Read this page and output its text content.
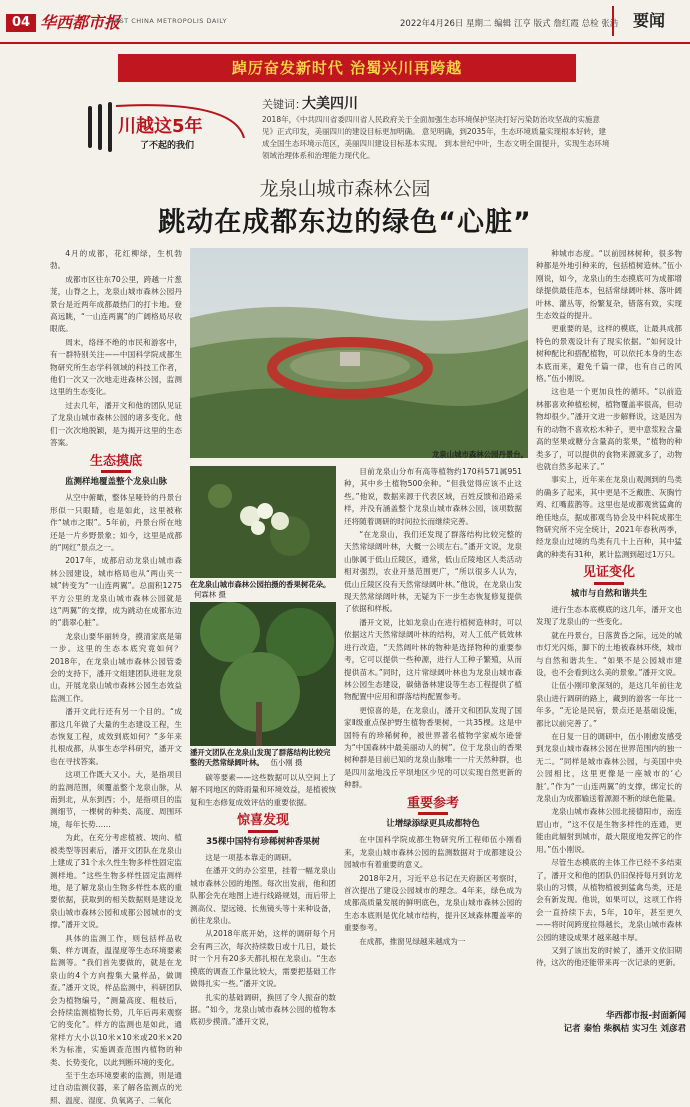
04 华西都市报
WEST CHINA METROPOLIS DAILY	2022年4月26日 星期二 编辑 江亨 版式 詹红霞 总检 张浩 要闻
踔厉奋发新时代 治蜀兴川再跨越
川越这5年
了不起的我们
关键词：
大美四川
2018年，《中共四川省委四川省人民政府关于全面加强生态环境保护坚决打好污染防治攻坚战的实施意见》正式印发，美丽四川的建设目标更加明确。 意见明确，到2035年，生态环境质量实现根本好转，建成全国生态环境示范区，美丽四川建设目标基本实现。 到本世纪中叶，生态文明全面提升，实现生态环境领域治理体系和治理能力现代化。
龙泉山城市森林公园
跳动在成都东边的绿色“心脏”

4月的成都，花红柳绿，生机勃勃。

成都市区往东70公里，跨越一片葱茏，山脊之上，龙泉山城市森林公园丹景台是近两年成都最热门的打卡地。登高远眺，“一山连两翼”的广阔格局尽收眼底。

周末，络绎不绝的市民和游客中，有一群特别关注——中国科学院成都生物研究所生态学科领域的科技工作者，他们一次又一次地走进森林公园，监测这里的生态变化。

过去几年，潘开文和他的团队见证了龙泉山城市森林公园的诸多变化。他们一次次地脱颖，是为揭开这里的生态答案。

生态摸底
监测样地覆盖整个龙泉山脉

从空中俯瞰，整体呈哑铃的丹景台形似一只眼睛，也是如此，这里被称作“城市之眼”。5年前，丹景台所在地还是一片乡野景象；如今，这里是成都的“网红”景点之一。

2017年，成都启动龙泉山城市森林公园建设，城市格局也从“两山夹一城”转变为“一山连两翼”。总面积1275平方公里的龙泉山城市森林公园就是这“两翼”的支撑，成为跳动在成都东边的“翡翠心脏”。

龙泉山要华丽转身，摸清家底是第一步。这里的生态本底究竟如何？2018年，在龙泉山城市森林公园管委会的支持下，潘开文组建团队进驻龙泉山，开展龙泉山城市森林公园生态效益监测工作。

潘开文此行还有另一个目的。“成都这几年做了大量的生态建设工程，生态恢复工程，成效到底如何？”多年来扎根成都，从事生态学科研究，潘开文也在寻找答案。

这项工作既大又小。大，是指项目的监测范围，须覆盖整个龙泉山脉，从南到北，从东到西；小，是指项目的监测细节，一棵树的种类、高度、周围环境，每年长势……

为此，在充分考虑植被、坡向、植被类型等因素后，潘开文团队在龙泉山上建成了31个永久性生物多样性固定监测样地。“这些生物多样性固定监测样地，是了解龙泉山生物多样性本底的重要依据，获取到的相关数据则是建设龙泉山城市森林公园和成都公园城市的支撑。”潘开文说。

具体的监测工作，则包括样品收集、样方调查，温湿度等生态环境要素监测等。“我们首先要做的，就是在龙泉山的4个方向搜集大量样品，做调查。”潘开文说，样品监测中，科研团队会为植物编号，“测量高度、粗枝后，会持续监测植物长势，几年后再来观察它的变化”。样方的监测也是如此，通常样方大小以10米×10米或20米×20米为标准，实施调查范围内植物的种类、长势变化，以此判断环境的变化。

至于生态环境要素的监测，则是通过自动监测仪器，来了解各监测点的光照、温度、湿度、负氧离子、二氧化

龙泉山城市森林公园丹景台。
在龙泉山城市森林公园拍摄的香果树花朵。 何霖林 摄
潘开文团队在龙泉山发现了群落结构比较完整的天然常绿阔叶林。 伍小刚 摄

碳等要素——这些数据可以从空间上了解不同地区的降雨量和环境效益，是植被恢复和生态修复成效评估的重要依据。

惊喜发现
35棵中国特有珍稀树种香果树

这是一项基本靠走的调研。

在潘开文的办公室里，挂着一幅龙泉山城市森林公园的地图。每次出发前，他和团队都会先在地图上进行线路规划，而后带上测高仪、望远镜、长焦镜头等十来种设备，前往龙泉山。

从2018年底开始，这样的调研每个月会有两三次，每次持续数日或十几日，最长时一个月有20多天都扎根在龙泉山。“生态摸底的调查工作量比较大，需要把基础工作做得扎实一些。”潘开文说。

扎实的基础调研，换回了令人振奋的数据。“如今，龙泉山城市森林公园的植物本底初步摸清。”潘开文说，

目前龙泉山分布有高等植物约170科571属951种，其中乡土植物500余种。“但我觉得应该不止这些。”他说，数据来源于代表区域，百姓反馈和沿路采样，并没有涵盖整个龙泉山城市森林公园，该项数据还将随着调研的时间拉长而继续完善。

“在龙泉山，我们还发现了群落结构比较完整的天然常绿阔叶林，大概一公顷左右。”潘开文说，龙泉山脉属于低山丘陵区，通常，低山丘陵地区人类活动相对强烈，农业开垦范围更广，“所以很多人认为，低山丘陵区没有天然常绿阔叶林。”他说，在龙泉山发现天然常绿阔叶林，无疑为下一步生态恢复修复提供了依据和样板。

潘开文说，比如龙泉山在进行植树造林时，可以依据这片天然常绿阔叶林的结构，对人工低产低效林进行改造，“天然阔叶林的物种是选择物种的重要参考，它可以提供一些种源，进行人工种子繁殖，从而提供苗木。”同时，这片常绿阔叶林也为龙泉山城市森林公园生态建设，碳储备林建设等生态工程提供了植物配置中应用和群落结构配置参考。

更惊喜的是，在龙泉山，潘开文和团队发现了国家Ⅱ级重点保护野生植物香果树，一共35棵。这是中国特有的珍稀树种，被世界著名植物学家威尔逊誉为“中国森林中最美丽动人的树”。位于龙泉山的香果树种群是目前已知的龙泉山脉唯一一片天然种群，也是四川盆地浅丘平坝地区少见的可以实现自然更新的种群。

重要参考
让增绿添绿更具成都特色

在中国科学院成都生物研究所工程师伍小刚看来，龙泉山城市森林公园的监测数据对于成都建设公园城市有着重要的意义。

2018年2月，习近平总书记在天府新区考察时，首次提出了建设公园城市的理念。4年来，绿色成为成都高质量发展的鲜明底色，龙泉山城市森林公园的生态本底则是优化城市结构，提升区域森林覆盖率的重要参考。

在成都，推窗见绿越来越成为一

种城市态度。“以前园林树种，很多物种都是外地引种来的，包括植树造林。”伍小刚说，如今，龙泉山的生态摸底可为成都增绿提供最佳范本，包括常绿阔叶林、落叶阔叶林、灌丛等，纷繁复杂，错落有致，实现生态效益的提升。

更重要的是，这样的模底，让最具成都特色的景观设计有了现实依据。“如何设计树种配比和搭配植物，可以依托本身的生态本底而来，避免千篇一律，也有自己的风格。”伍小刚说。

这也是一个更加良性的循环。“以前造林都喜欢种植松树，植物覆盖率很高，但动物却很少。”潘开文进一步解释说，这是因为有的动物不喜欢松木种子，更中意浆粒含量高的坚果或糖分含量高的浆果，“植物的种类多了，可以提供的食物来源就多了，动物也就自然多起来了。”

事实上，近年来在龙泉山观测到的鸟类的确多了起来，其中更是不乏戴胜、灰胸竹鸡、红嘴蓝鹊等。这里也是成都观赏猛禽的绝佳地点，据成都观鸟协会及中科院成都生物研究所不完全统计，2021年春秋两季，经龙泉山过境的鸟类有几十上百种，其中猛禽的种类有31种，累计监测到超过1万只。

见证变化
城市与自然和谐共生

进行生态本底模底的这几年，潘开文也发现了龙泉山的一些变化。

就在丹景台，日落黄昏之际，远处的城市灯光闪烁，脚下的土地被森林环绕，城市与自然和谐共生。“如果不是公园城市建设，也不会看到这么美的景象。”潘开文说。

让伍小刚印象深刻的，是这几年前往龙泉山进行调研的路上，藏到的游客一年比一年多，“无论是民宿，景点还是基础设施，都比以前完善了。”

在日复一日的调研中，伍小刚愈发感受到龙泉山城市森林公园在世界范围内的独一无二。“同样是城市森林公园，与美国中央公园相比，这里更像是一座城市的‘心脏’。”作为“一山连两翼”的支撑，绑定长的龙泉山为成都输送着源源不断的绿色能量。

龙泉山城市森林公园北接德阳市，南连眉山市，“这不仅是生物多样性的连通，更能由此辐射到城市，最大限度地发挥它的作用。”伍小刚说。

尽管生态模底的主体工作已经不多结束了，潘开文和他的团队仍旧保持每月到访龙泉山的习惯，从植物植被到猛禽鸟类，还是会有新发现。他说，如果可以，这项工作将会一直持续下去，5年，10年，甚至更久——将时间跨度拉得越长，龙泉山城市森林公园的建设成果才越来越丰厚。

又到了该出发的时候了，潘开文依旧期待，这次的他还能带来再一次记录的更新。

华西都市报-封面新闻
记者 秦怡 柴枫桔 实习生 刘彦君
